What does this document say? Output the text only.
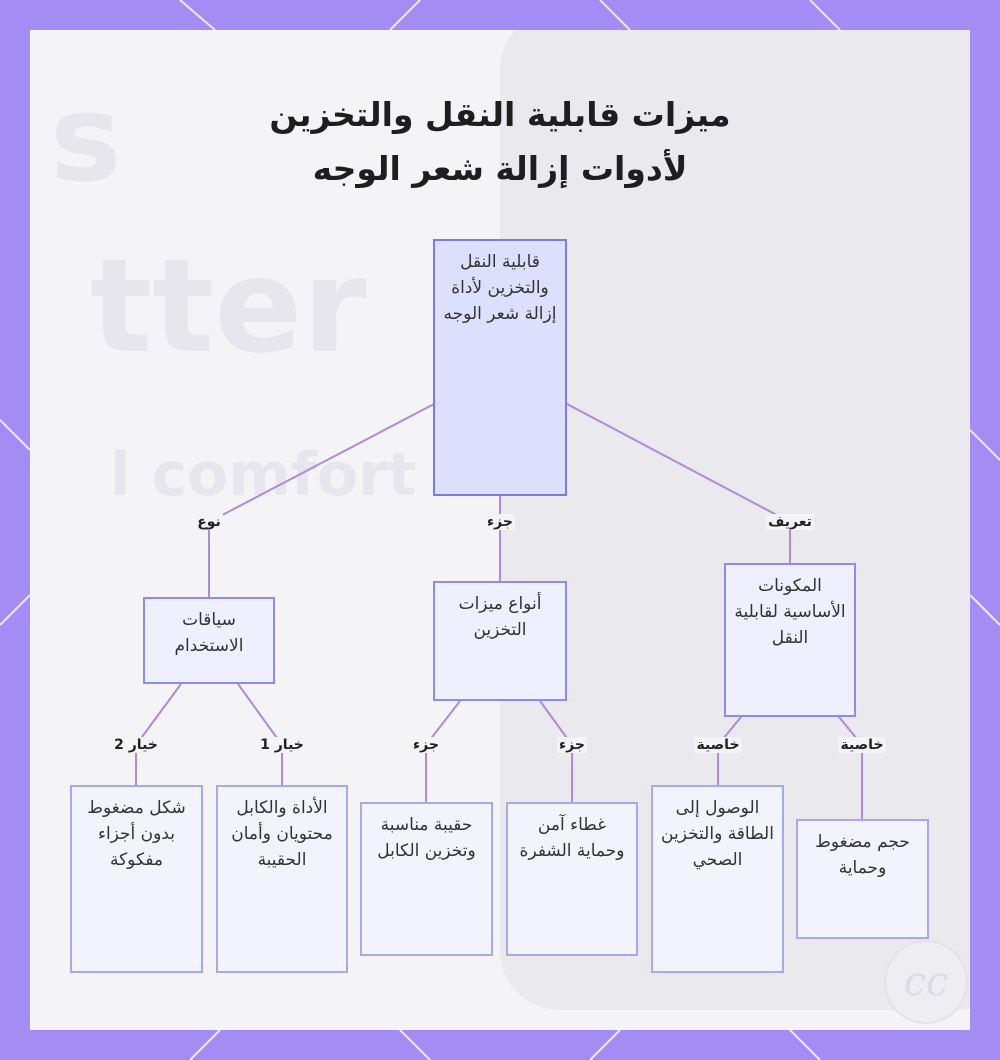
s
tter
l comfort
ميزات قابلية النقل والتخزين
لأدوات إزالة شعر الوجه
قابلية النقل والتخزين لأداة إزالة شعر الوجه
سياقات الاستخدام
أنواع ميزات التخزين
المكونات الأساسية لقابلية النقل
شكل مضغوط بدون أجزاء مفكوكة
الأداة والكابل محتويان وأمان الحقيبة
حقيبة مناسبة وتخزين الكابل
غطاء آمن وحماية الشفرة
الوصول إلى الطاقة والتخزين الصحي
حجم مضغوط وحماية
نوع	جزء	تعريف
خيار 2	خيار 1	جزء	جزء	خاصية	خاصية
cc
